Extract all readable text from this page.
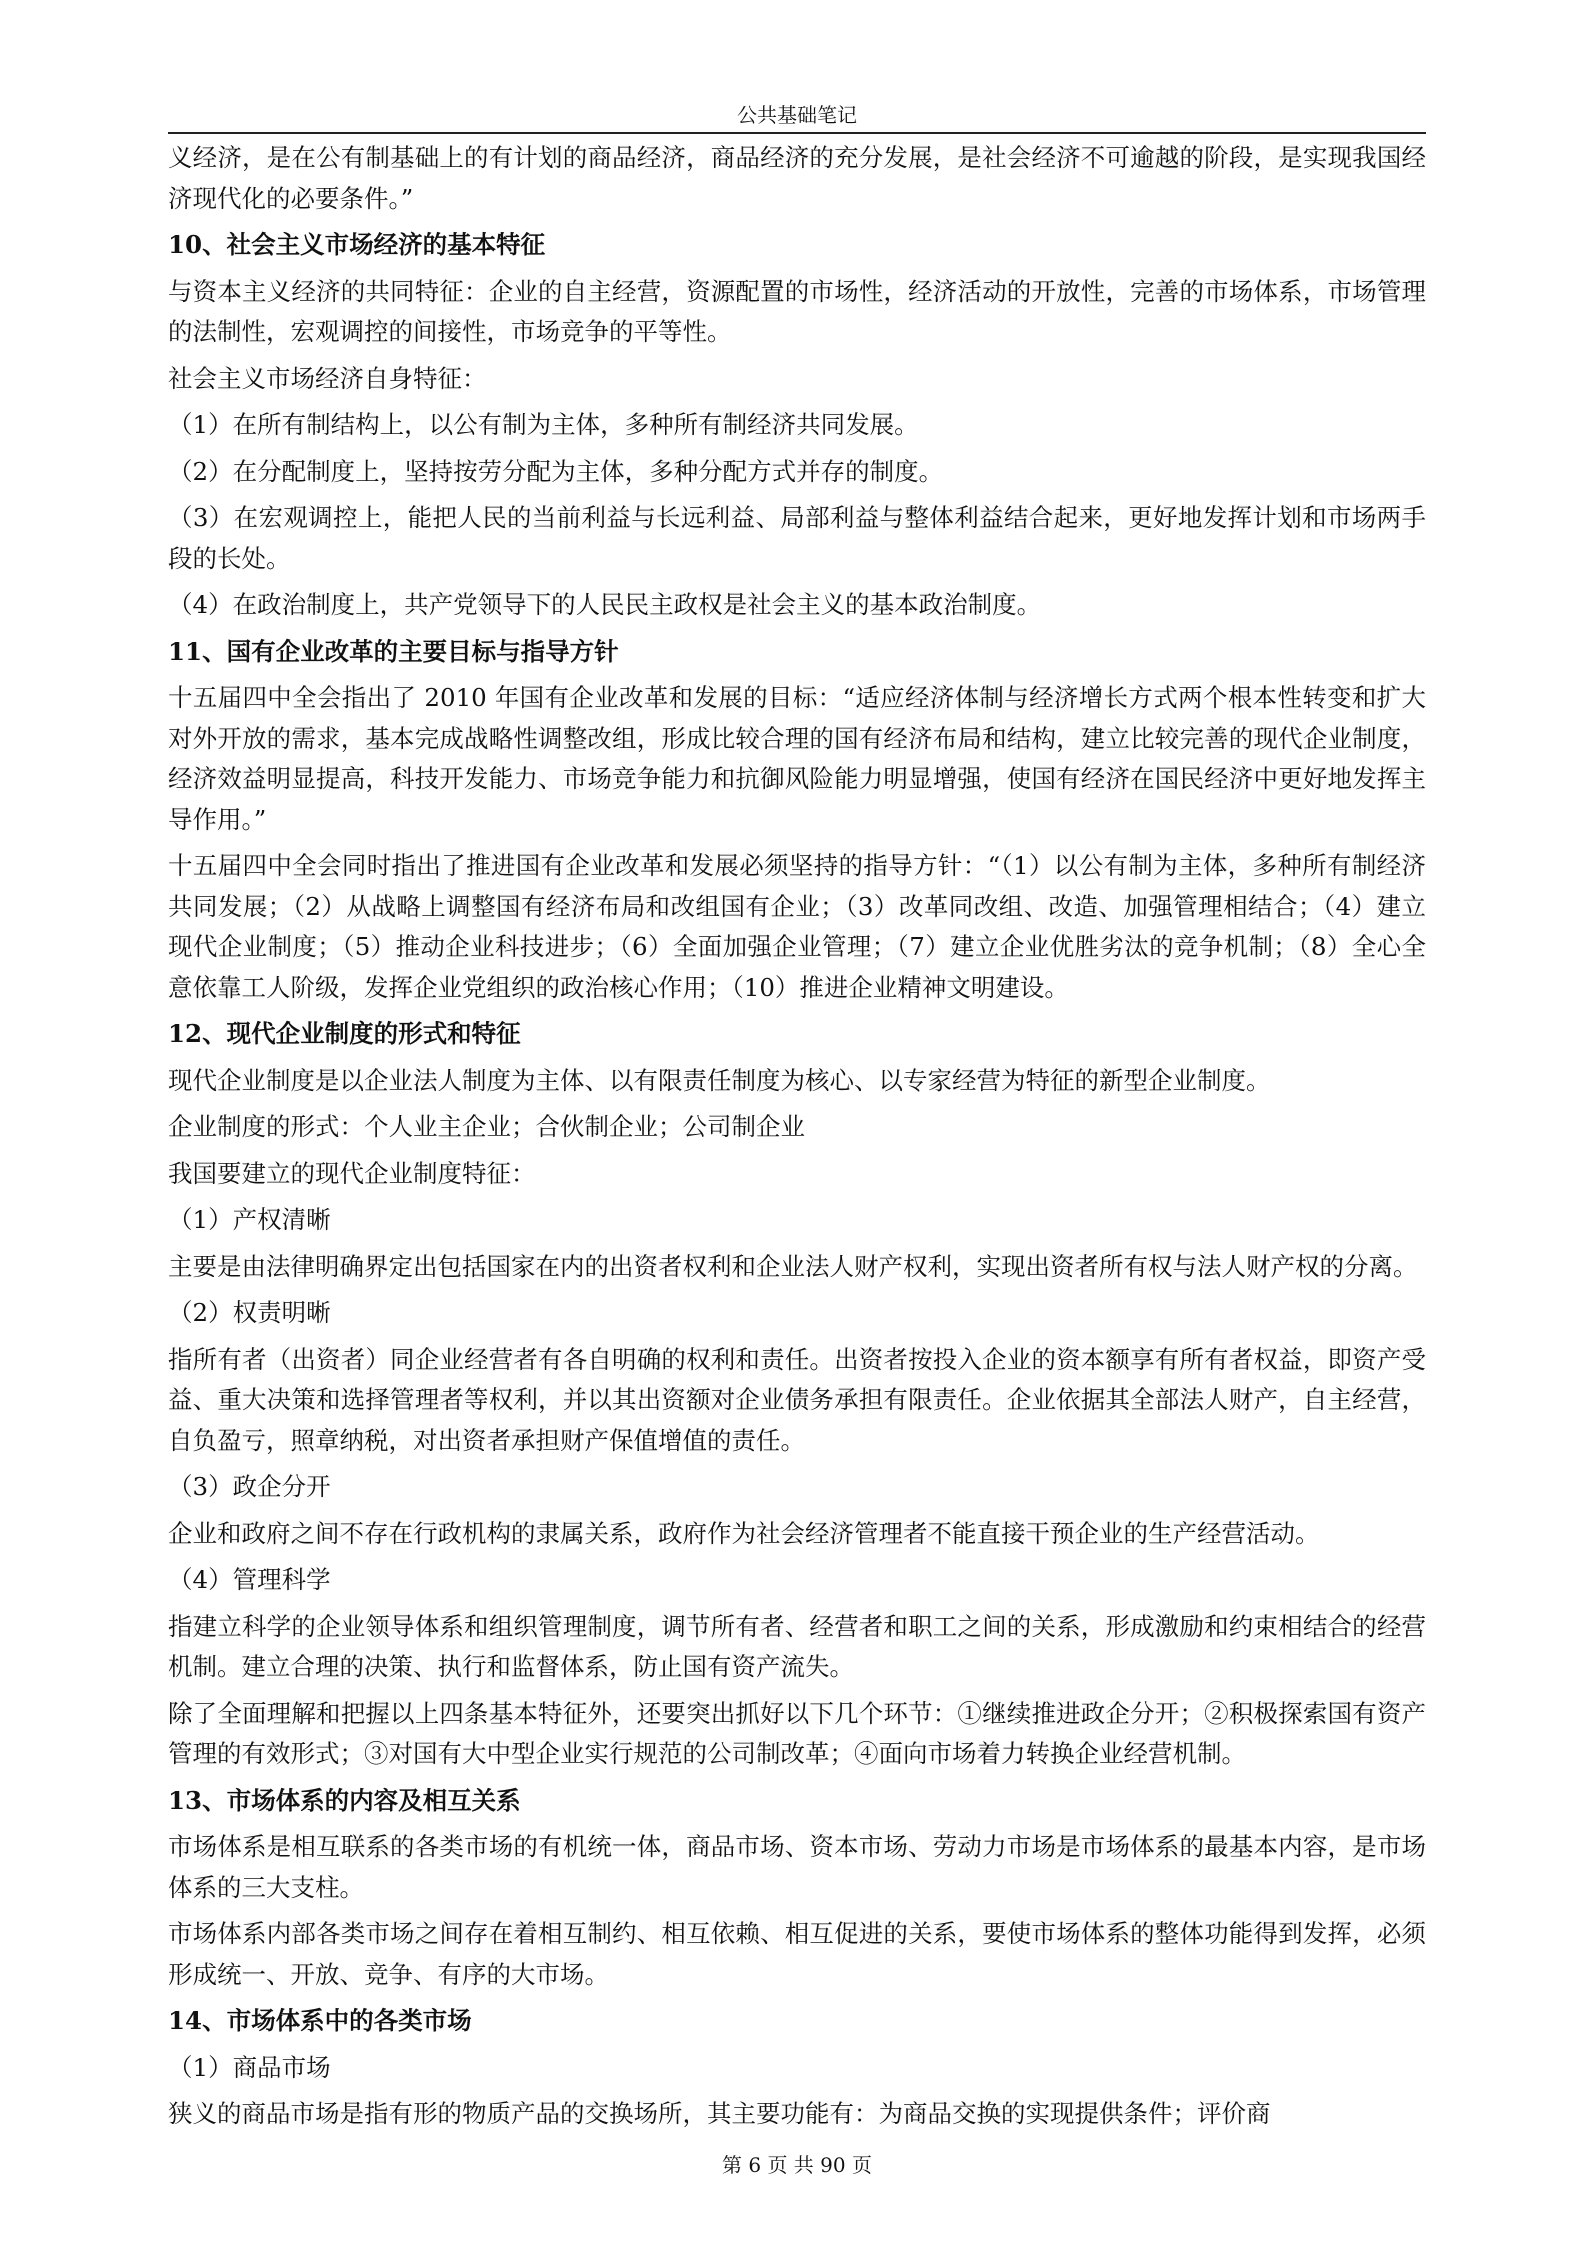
公共基础笔记

义经济，是在公有制基础上的有计划的商品经济，商品经济的充分发展，是社会经济不可逾越的阶段，是实现我国经济现代化的必要条件。”

10、社会主义市场经济的基本特征

与资本主义经济的共同特征：企业的自主经营，资源配置的市场性，经济活动的开放性，完善的市场体系，市场管理的法制性，宏观调控的间接性，市场竞争的平等性。

社会主义市场经济自身特征：

（1）在所有制结构上，以公有制为主体，多种所有制经济共同发展。

（2）在分配制度上，坚持按劳分配为主体，多种分配方式并存的制度。

（3）在宏观调控上，能把人民的当前利益与长远利益、局部利益与整体利益结合起来，更好地发挥计划和市场两手段的长处。

（4）在政治制度上，共产党领导下的人民民主政权是社会主义的基本政治制度。

11、国有企业改革的主要目标与指导方针

十五届四中全会指出了 2010 年国有企业改革和发展的目标：“适应经济体制与经济增长方式两个根本性转变和扩大对外开放的需求，基本完成战略性调整改组，形成比较合理的国有经济布局和结构，建立比较完善的现代企业制度，经济效益明显提高，科技开发能力、市场竞争能力和抗御风险能力明显增强，使国有经济在国民经济中更好地发挥主导作用。”

十五届四中全会同时指出了推进国有企业改革和发展必须坚持的指导方针：“（1）以公有制为主体，多种所有制经济共同发展；（2）从战略上调整国有经济布局和改组国有企业；（3）改革同改组、改造、加强管理相结合；（4）建立现代企业制度；（5）推动企业科技进步；（6）全面加强企业管理；（7）建立企业优胜劣汰的竞争机制；（8）全心全意依靠工人阶级，发挥企业党组织的政治核心作用；（10）推进企业精神文明建设。

12、现代企业制度的形式和特征

现代企业制度是以企业法人制度为主体、以有限责任制度为核心、以专家经营为特征的新型企业制度。

企业制度的形式：个人业主企业；合伙制企业；公司制企业

我国要建立的现代企业制度特征：

（1）产权清晰

主要是由法律明确界定出包括国家在内的出资者权利和企业法人财产权利，实现出资者所有权与法人财产权的分离。

（2）权责明晰

指所有者（出资者）同企业经营者有各自明确的权利和责任。出资者按投入企业的资本额享有所有者权益，即资产受益、重大决策和选择管理者等权利，并以其出资额对企业债务承担有限责任。企业依据其全部法人财产，自主经营，自负盈亏，照章纳税，对出资者承担财产保值增值的责任。

（3）政企分开

企业和政府之间不存在行政机构的隶属关系，政府作为社会经济管理者不能直接干预企业的生产经营活动。

（4）管理科学

指建立科学的企业领导体系和组织管理制度，调节所有者、经营者和职工之间的关系，形成激励和约束相结合的经营机制。建立合理的决策、执行和监督体系，防止国有资产流失。

除了全面理解和把握以上四条基本特征外，还要突出抓好以下几个环节：①继续推进政企分开；②积极探索国有资产管理的有效形式；③对国有大中型企业实行规范的公司制改革；④面向市场着力转换企业经营机制。

13、市场体系的内容及相互关系

市场体系是相互联系的各类市场的有机统一体，商品市场、资本市场、劳动力市场是市场体系的最基本内容，是市场体系的三大支柱。

市场体系内部各类市场之间存在着相互制约、相互依赖、相互促进的关系，要使市场体系的整体功能得到发挥，必须形成统一、开放、竞争、有序的大市场。

14、市场体系中的各类市场

（1）商品市场

狭义的商品市场是指有形的物质产品的交换场所，其主要功能有：为商品交换的实现提供条件；评价商

第 6 页 共 90 页
